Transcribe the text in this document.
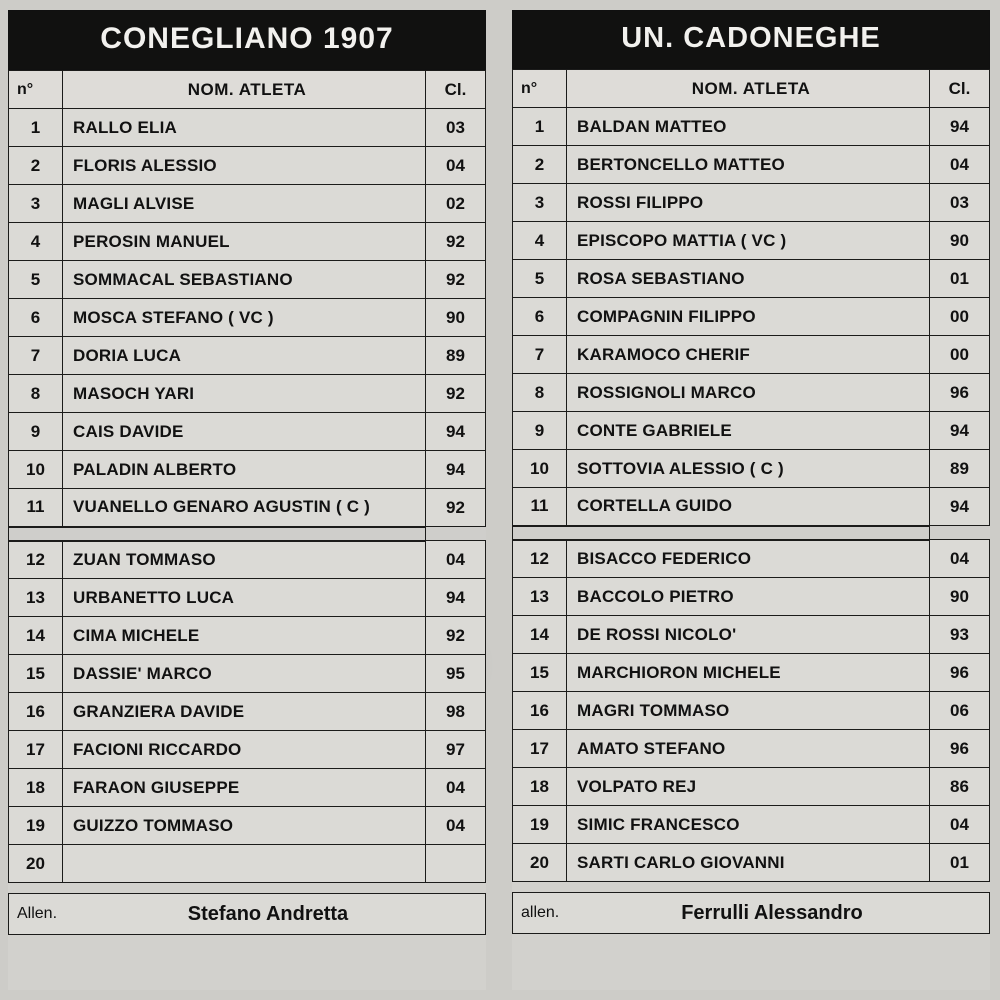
CONEGLIANO 1907
n°	NOM. ATLETA	Cl.
1	RALLO ELIA	03
2	FLORIS ALESSIO	04
3	MAGLI ALVISE	02
4	PEROSIN MANUEL	92
5	SOMMACAL SEBASTIANO	92
6	MOSCA STEFANO ( VC )	90
7	DORIA LUCA	89
8	MASOCH YARI	92
9	CAIS DAVIDE	94
10	PALADIN ALBERTO	94
11	VUANELLO GENARO AGUSTIN ( C )	92

12	ZUAN TOMMASO	04
13	URBANETTO LUCA	94
14	CIMA MICHELE	92
15	DASSIE' MARCO	95
16	GRANZIERA DAVIDE	98
17	FACIONI RICCARDO	97
18	FARAON GIUSEPPE	04
19	GUIZZO TOMMASO	04
20		
Allen.	Stefano Andretta
UN. CADONEGHE
n°	NOM. ATLETA	Cl.
1	BALDAN MATTEO	94
2	BERTONCELLO MATTEO	04
3	ROSSI FILIPPO	03
4	EPISCOPO MATTIA ( VC )	90
5	ROSA SEBASTIANO	01
6	COMPAGNIN FILIPPO	00
7	KARAMOCO CHERIF	00
8	ROSSIGNOLI MARCO	96
9	CONTE GABRIELE	94
10	SOTTOVIA ALESSIO ( C )	89
11	CORTELLA GUIDO	94

12	BISACCO FEDERICO	04
13	BACCOLO PIETRO	90
14	DE ROSSI NICOLO'	93
15	MARCHIORON MICHELE	96
16	MAGRI TOMMASO	06
17	AMATO STEFANO	96
18	VOLPATO REJ	86
19	SIMIC FRANCESCO	04
20	SARTI CARLO GIOVANNI	01
allen.	Ferrulli Alessandro
